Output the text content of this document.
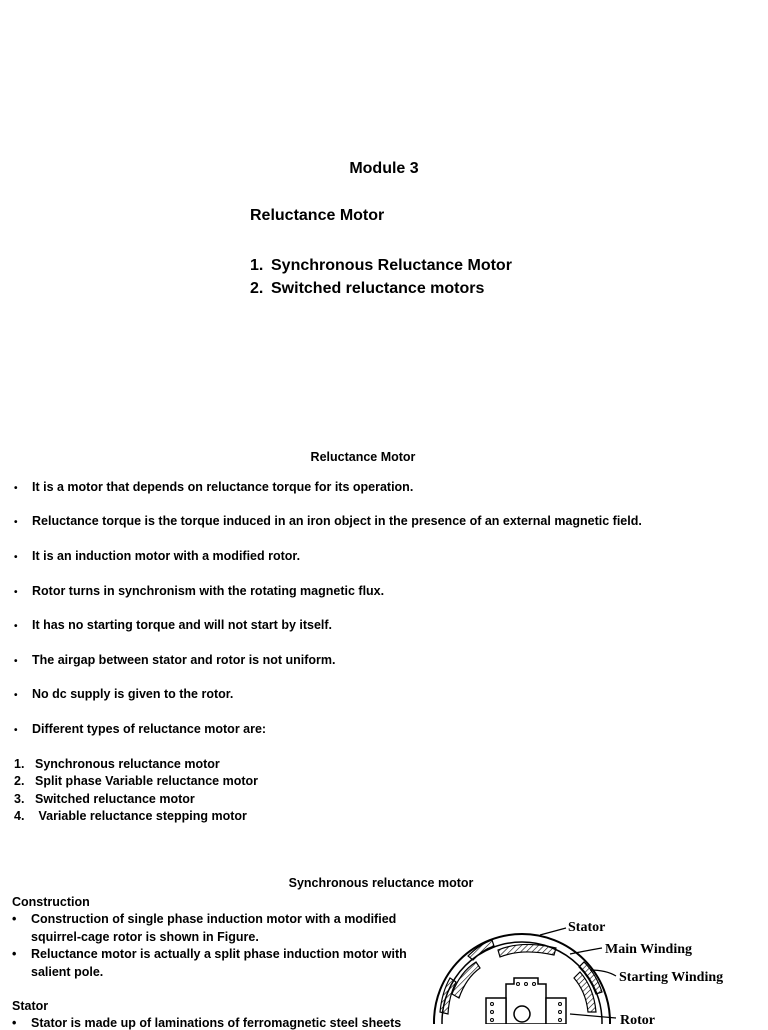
Module 3
Reluctance Motor
1. Synchronous Reluctance Motor
2. Switched reluctance motors
Reluctance Motor
• It is a motor that depends on reluctance torque for its operation.
• Reluctance torque is the torque induced in an iron object in the presence of an external magnetic field.
• It is an induction motor with a modified rotor.
• Rotor turns in synchronism with the rotating magnetic flux.
• It has no starting torque and will not start by itself.
• The airgap between stator and rotor is not uniform.
• No dc supply is given to the rotor.
• Different types of reluctance motor are:
1. Synchronous reluctance motor
2. Split phase Variable reluctance motor
3. Switched reluctance motor
4. Variable reluctance stepping motor
Synchronous reluctance motor
Construction
• Construction of single phase induction motor with a modified squirrel-cage rotor is shown in Figure.
• Reluctance motor is actually a split phase induction motor with salient pole.
Stator
• Stator is made up of laminations of ferromagnetic steel sheets
Stator
Main Winding
Starting Winding
Rotor
